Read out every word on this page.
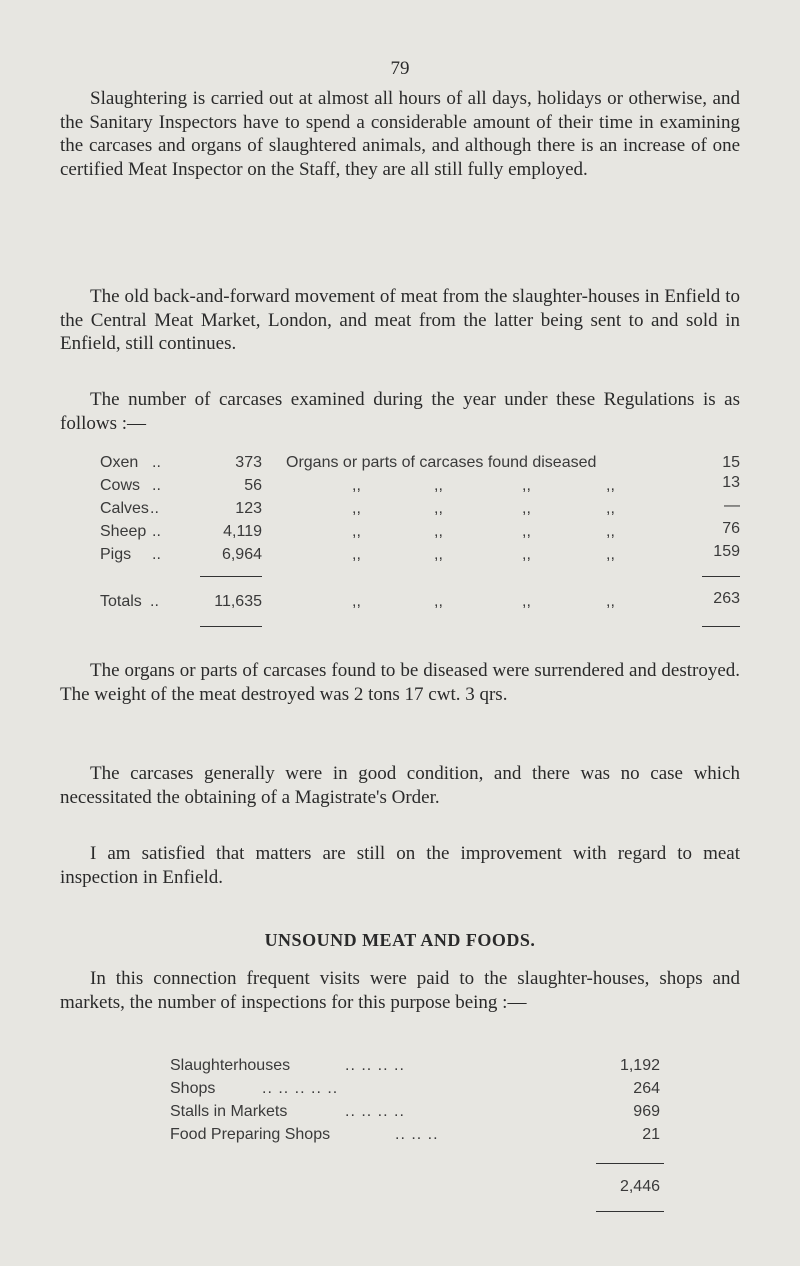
79

Slaughtering is carried out at almost all hours of all days, holidays or otherwise, and the Sanitary Inspectors have to spend a considerable amount of their time in examining the carcases and organs of slaughtered animals, and although there is an increase of one certified Meat Inspector on the Staff, they are all still fully employed.

The old back-and-forward movement of meat from the slaughter-houses in Enfield to the Central Meat Market, London, and meat from the latter being sent to and sold in Enfield, still continues.

The number of carcases examined during the year under these Regulations is as follows :—

Oxen ..	373 Organs or parts of carcases found diseased	15
Cows ..	56	,,	,,	,,	,,	13
Calves ..	123	,,	,,	,,	,,	—
Sheep ..	4,119	,,	,,	,,	,,	76
Pigs ..	6,964	,,	,,	,,	,,	159
Totals ..	11,635	,,	,,	,,	,,	263

The organs or parts of carcases found to be diseased were surrendered and destroyed. The weight of the meat destroyed was 2 tons 17 cwt. 3 qrs.

The carcases generally were in good condition, and there was no case which necessitated the obtaining of a Magistrate's Order.

I am satisfied that matters are still on the improvement with regard to meat inspection in Enfield.

UNSOUND MEAT AND FOODS.

In this connection frequent visits were paid to the slaughter-houses, shops and markets, the number of inspections for this purpose being :—

Slaughterhouses	.. .. .. ..	1,192
Shops	.. .. .. .. ..	264
Stalls in Markets	.. .. .. ..	969
Food Preparing Shops	.. .. ..	21
2,446
